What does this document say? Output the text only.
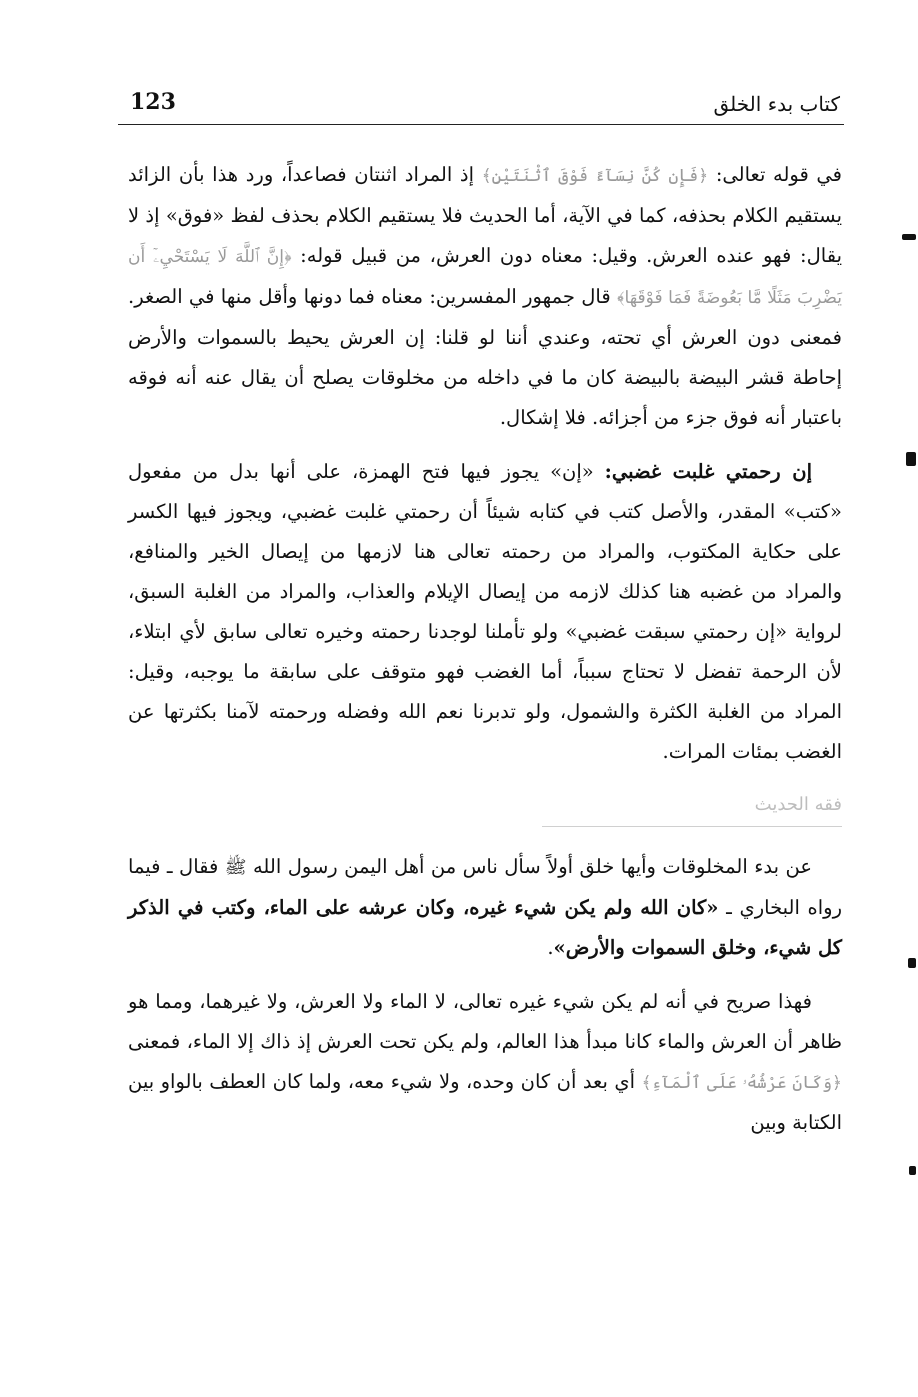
كتاب بدء الخلق
123

في قوله تعالى: ﴿فَإِن كُنَّ نِسَآءً فَوْقَ ٱثْنَتَيْنِ﴾ إذ المراد اثنتان فصاعداً، ورد هذا بأن الزائد يستقيم الكلام بحذفه، كما في الآية، أما الحديث فلا يستقيم الكلام بحذف لفظ «فوق» إذ لا يقال: فهو عنده العرش. وقيل: معناه دون العرش، من قبيل قوله: ﴿إِنَّ ٱللَّهَ لَا يَسْتَحْيِۦٓ أَن يَضْرِبَ مَثَلًا مَّا بَعُوضَةً فَمَا فَوْقَهَا﴾ قال جمهور المفسرين: معناه فما دونها وأقل منها في الصغر. فمعنى دون العرش أي تحته، وعندي أننا لو قلنا: إن العرش يحيط بالسموات والأرض إحاطة قشر البيضة بالبيضة كان ما في داخله من مخلوقات يصلح أن يقال عنه أنه فوقه باعتبار أنه فوق جزء من أجزائه. فلا إشكال.

إن رحمتي غلبت غضبي: «إن» يجوز فيها فتح الهمزة، على أنها بدل من مفعول «كتب» المقدر، والأصل كتب في كتابه شيئاً أن رحمتي غلبت غضبي، ويجوز فيها الكسر على حكاية المكتوب، والمراد من رحمته تعالى هنا لازمها من إيصال الخير والمنافع، والمراد من غضبه هنا كذلك لازمه من إيصال الإيلام والعذاب، والمراد من الغلبة السبق، لرواية «إن رحمتي سبقت غضبي» ولو تأملنا لوجدنا رحمته وخيره تعالى سابق لأي ابتلاء، لأن الرحمة تفضل لا تحتاج سبباً، أما الغضب فهو متوقف على سابقة ما يوجبه، وقيل: المراد من الغلبة الكثرة والشمول، ولو تدبرنا نعم الله وفضله ورحمته لآمنا بكثرتها عن الغضب بمئات المرات.

فقه الحديث

عن بدء المخلوقات وأيها خلق أولاً سأل ناس من أهل اليمن رسول الله ﷺ فقال ـ فيما رواه البخاري ـ «كان الله ولم يكن شيء غيره، وكان عرشه على الماء، وكتب في الذكر كل شيء، وخلق السموات والأرض».

فهذا صريح في أنه لم يكن شيء غيره تعالى، لا الماء ولا العرش، ولا غيرهما، ومما هو ظاهر أن العرش والماء كانا مبدأ هذا العالم، ولم يكن تحت العرش إذ ذاك إلا الماء، فمعنى ﴿وَكَانَ عَرْشُهُۥ عَلَى ٱلْمَآءِ﴾ أي بعد أن كان وحده، ولا شيء معه، ولما كان العطف بالواو بين الكتابة وبين
